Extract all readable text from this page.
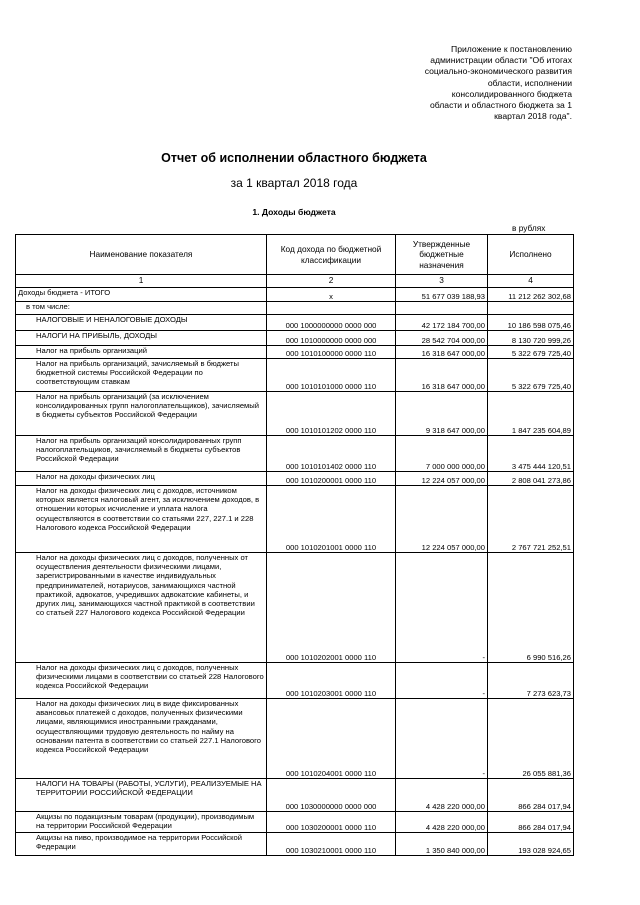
Приложение к постановлению
администрации области "Об итогах
социально-экономического развития
области, исполнении
консолидированного бюджета
области и областного бюджета за 1
квартал 2018 года".
Отчет об исполнении областного бюджета
за 1 квартал 2018 года
1. Доходы бюджета
в рублях
Наименование показателя	Код дохода по бюджетной классификации	Утвержденные бюджетные назначения	Исполнено
1	2	3	4
Доходы бюджета - ИТОГО	x	51 677 039 188,93	11 212 262 302,68
в том числе:			
НАЛОГОВЫЕ И НЕНАЛОГОВЫЕ ДОХОДЫ	000 1000000000 0000 000	42 172 184 700,00	10 186 598 075,46
НАЛОГИ НА ПРИБЫЛЬ, ДОХОДЫ	000 1010000000 0000 000	28 542 704 000,00	8 130 720 999,26
Налог на прибыль организаций	000 1010100000 0000 110	16 318 647 000,00	5 322 679 725,40
Налог на прибыль организаций, зачисляемый в бюджеты бюджетной системы Российской Федерации по соответствующим ставкам	000 1010101000 0000 110	16 318 647 000,00	5 322 679 725,40
Налог на прибыль организаций (за исключением консолидированных групп налогоплательщиков), зачисляемый в бюджеты субъектов Российской Федерации	000 1010101202 0000 110	9 318 647 000,00	1 847 235 604,89
Налог на прибыль организаций консолидированных групп налогоплательщиков, зачисляемый в бюджеты субъектов Российской Федерации	000 1010101402 0000 110	7 000 000 000,00	3 475 444 120,51
Налог на доходы физических лиц	000 1010200001 0000 110	12 224 057 000,00	2 808 041 273,86
Налог на доходы физических лиц с доходов, источником которых является налоговый агент, за исключением доходов, в отношении которых исчисление и уплата налога осуществляются в соответствии со статьями 227, 227.1 и 228 Налогового кодекса Российской Федерации	000 1010201001 0000 110	12 224 057 000,00	2 767 721 252,51
Налог на доходы физических лиц с доходов, полученных от осуществления деятельности физическими лицами, зарегистрированными в качестве индивидуальных предпринимателей, нотариусов, занимающихся частной практикой, адвокатов, учредивших адвокатские кабинеты, и других лиц, занимающихся частной практикой в соответствии со статьей 227 Налогового кодекса Российской Федерации	000 1010202001 0000 110	-	6 990 516,26
Налог на доходы физических лиц с доходов, полученных физическими лицами в соответствии со статьей 228 Налогового кодекса Российской Федерации	000 1010203001 0000 110	-	7 273 623,73
Налог на доходы физических лиц в виде фиксированных авансовых платежей с доходов, полученных физическими лицами, являющимися иностранными гражданами, осуществляющими трудовую деятельность по найму на основании патента в соответствии со статьей 227.1 Налогового кодекса Российской Федерации	000 1010204001 0000 110	-	26 055 881,36
НАЛОГИ НА ТОВАРЫ (РАБОТЫ, УСЛУГИ), РЕАЛИЗУЕМЫЕ НА ТЕРРИТОРИИ РОССИЙСКОЙ ФЕДЕРАЦИИ	000 1030000000 0000 000	4 428 220 000,00	866 284 017,94
Акцизы по подакцизным товарам (продукции), производимым на территории Российской Федерации	000 1030200001 0000 110	4 428 220 000,00	866 284 017,94
Акцизы на пиво, производимое на территории Российской Федерации	000 1030210001 0000 110	1 350 840 000,00	193 028 924,65
